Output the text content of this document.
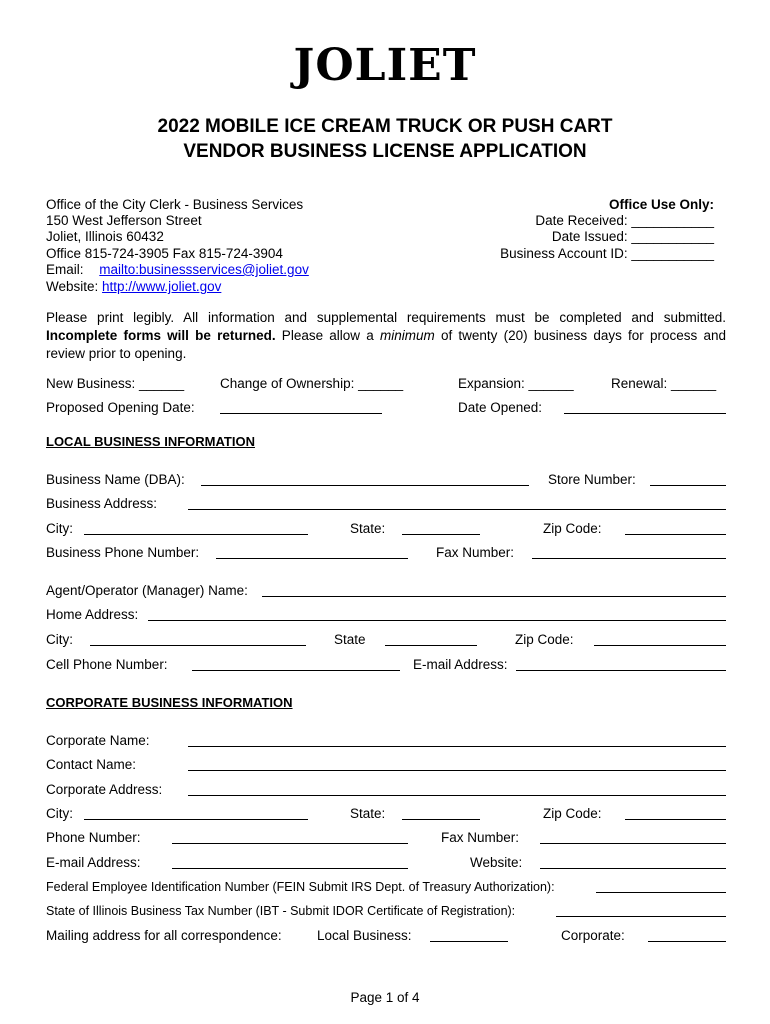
JOLIET
2022 MOBILE ICE CREAM TRUCK OR PUSH CART
VENDOR BUSINESS LICENSE APPLICATION
Office of the City Clerk - Business Services
150 West Jefferson Street
Joliet, Illinois 60432
Office 815-724-3905 Fax 815-724-3904
Email: mailto:businessservices@joliet.gov
Website: http://www.joliet.gov
Office Use Only:
Date Received: ___________
Date Issued: ___________
Business Account ID: ___________
Please print legibly. All information and supplemental requirements must be completed and submitted. Incomplete forms will be returned. Please allow a minimum of twenty (20) business days for process and review prior to opening.
New Business: ______	Change of Ownership: ______	Expansion: ______	Renewal: ______
Proposed Opening Date:	Date Opened:
LOCAL BUSINESS INFORMATION
Business Name (DBA):	Store Number:
Business Address:
City:	State:	Zip Code:
Business Phone Number:	Fax Number:
Agent/Operator (Manager) Name:
Home Address:
City:	State	Zip Code:
Cell Phone Number:	E-mail Address:
CORPORATE BUSINESS INFORMATION
Corporate Name:
Contact Name:
Corporate Address:
City:	State:	Zip Code:
Phone Number:	Fax Number:
E-mail Address:	Website:
Federal Employee Identification Number (FEIN Submit IRS Dept. of Treasury Authorization):
State of Illinois Business Tax Number (IBT - Submit IDOR Certificate of Registration):
Mailing address for all correspondence:	Local Business:	Corporate:
Page 1 of 4
